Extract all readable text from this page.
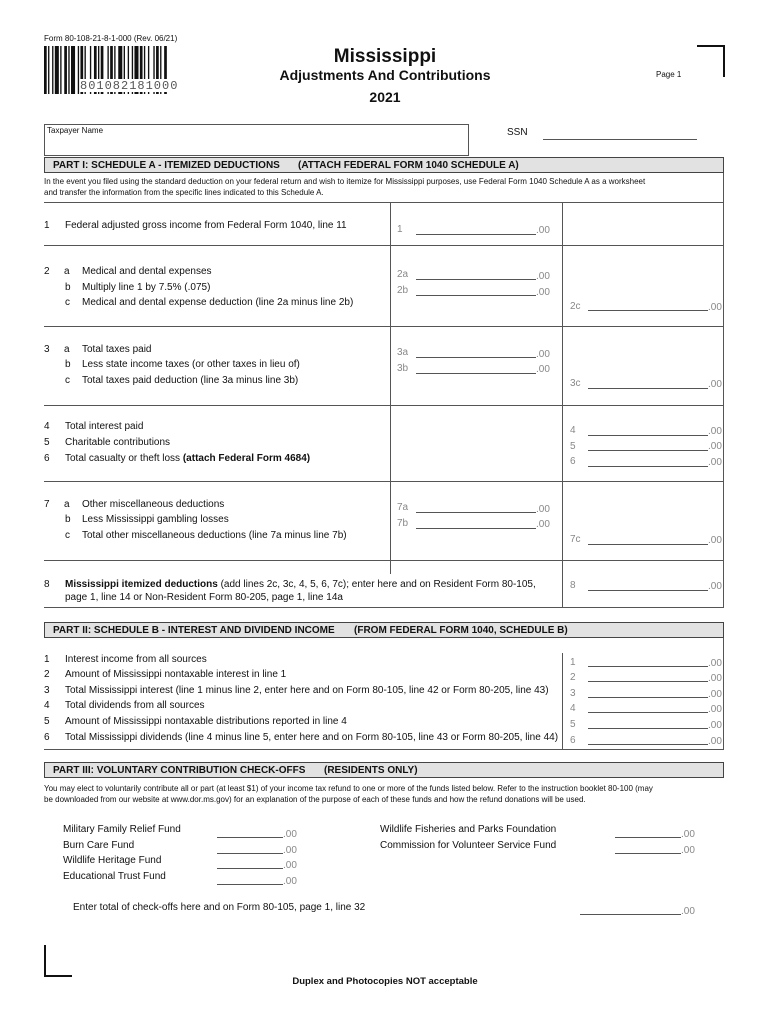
Form 80-108-21-8-1-000 (Rev. 06/21)
801082181000
Mississippi
Adjustments And Contributions
2021
Page 1
Taxpayer Name	SSN
PART I: SCHEDULE A - ITEMIZED DEDUCTIONS (ATTACH FEDERAL FORM 1040 SCHEDULE A)
In the event you filed using the standard deduction on your federal return and wish to itemize for Mississippi purposes, use Federal Form 1040 Schedule A as a worksheet
and transfer the information from the specific lines indicated to this Schedule A.
1 Federal adjusted gross income from Federal Form 1040, line 11	1	.00
2 a Medical and dental expenses	2a	.00
b Multiply line 1 by 7.5% (.075)	2b	.00
c Medical and dental expense deduction (line 2a minus line 2b)	2c	.00
3 a Total taxes paid	3a	.00
b Less state income taxes (or other taxes in lieu of)	3b	.00
c Total taxes paid deduction (line 3a minus line 3b)	3c	.00
4 Total interest paid	4	.00
5 Charitable contributions	5	.00
6 Total casualty or theft loss (attach Federal Form 4684)	6	.00
7 a Other miscellaneous deductions	7a	.00
b Less Mississippi gambling losses	7b	.00
c Total other miscellaneous deductions (line 7a minus line 7b)	7c	.00
8 Mississippi itemized deductions (add lines 2c, 3c, 4, 5, 6, 7c); enter here and on Resident Form 80-105,
page 1, line 14 or Non-Resident Form 80-205, page 1, line 14a
8	.00
PART II: SCHEDULE B - INTEREST AND DIVIDEND INCOME (FROM FEDERAL FORM 1040, SCHEDULE B)
1 Interest income from all sources	1	.00
2 Amount of Mississippi nontaxable interest in line 1	2	.00
3 Total Mississippi interest (line 1 minus line 2, enter here and on Form 80-105, line 42 or Form 80-205, line 43) 3	.00
4 Total dividends from all sources	4	.00
5 Amount of Mississippi nontaxable distributions reported in line 4	5	.00
6 Total Mississippi dividends (line 4 minus line 5, enter here and on Form 80-105, line 43 or Form 80-205, line 44) 6	.00
PART III: VOLUNTARY CONTRIBUTION CHECK-OFFS (RESIDENTS ONLY)
You may elect to voluntarily contribute all or part (at least $1) of your income tax refund to one or more of the funds listed below. Refer to the instruction booklet 80-100 (may
be downloaded from our website at www.dor.ms.gov) for an explanation of the purpose of each of these funds and how the refund donations will be used.
Military Family Relief Fund	.00
Burn Care Fund	.00
Wildlife Heritage Fund	.00
Educational Trust Fund	.00
Wildlife Fisheries and Parks Foundation	.00
Commission for Volunteer Service Fund	.00
Enter total of check-offs here and on Form 80-105, page 1, line 32	.00
Duplex and Photocopies NOT acceptable
